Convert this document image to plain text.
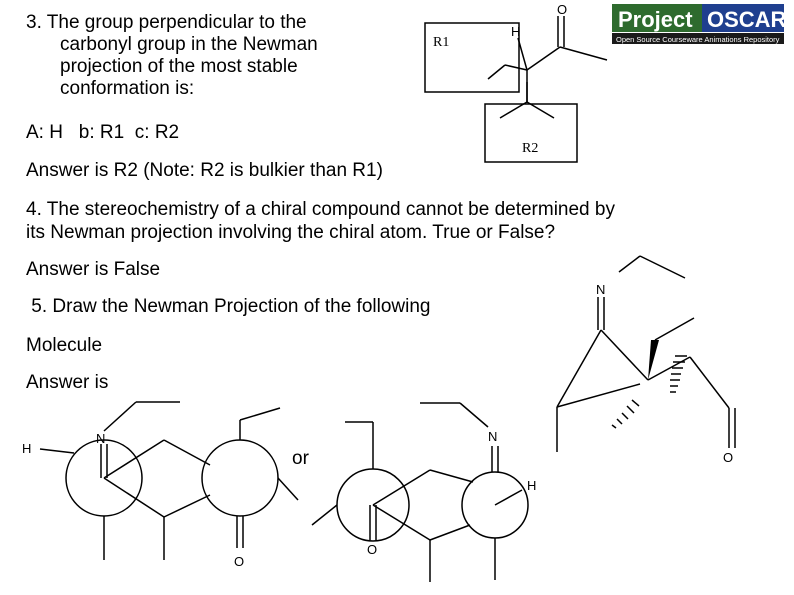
3. The group perpendicular to the
carbonyl group in the Newman
projection of the most stable
conformation is:

A: H   b: R1  c: R2

Answer is R2 (Note: R2 is bulkier than R1)

4. The stereochemistry of a chiral compound cannot be determined by

its Newman projection involving the chiral atom. True or False?

Answer is False

5. Draw the Newman Projection of the following

Molecule

Answer is

or

Project OSCAR
Open Source Courseware Animations Repository
R1
R2
H
O
N
O
N
H
O
O
N
H
